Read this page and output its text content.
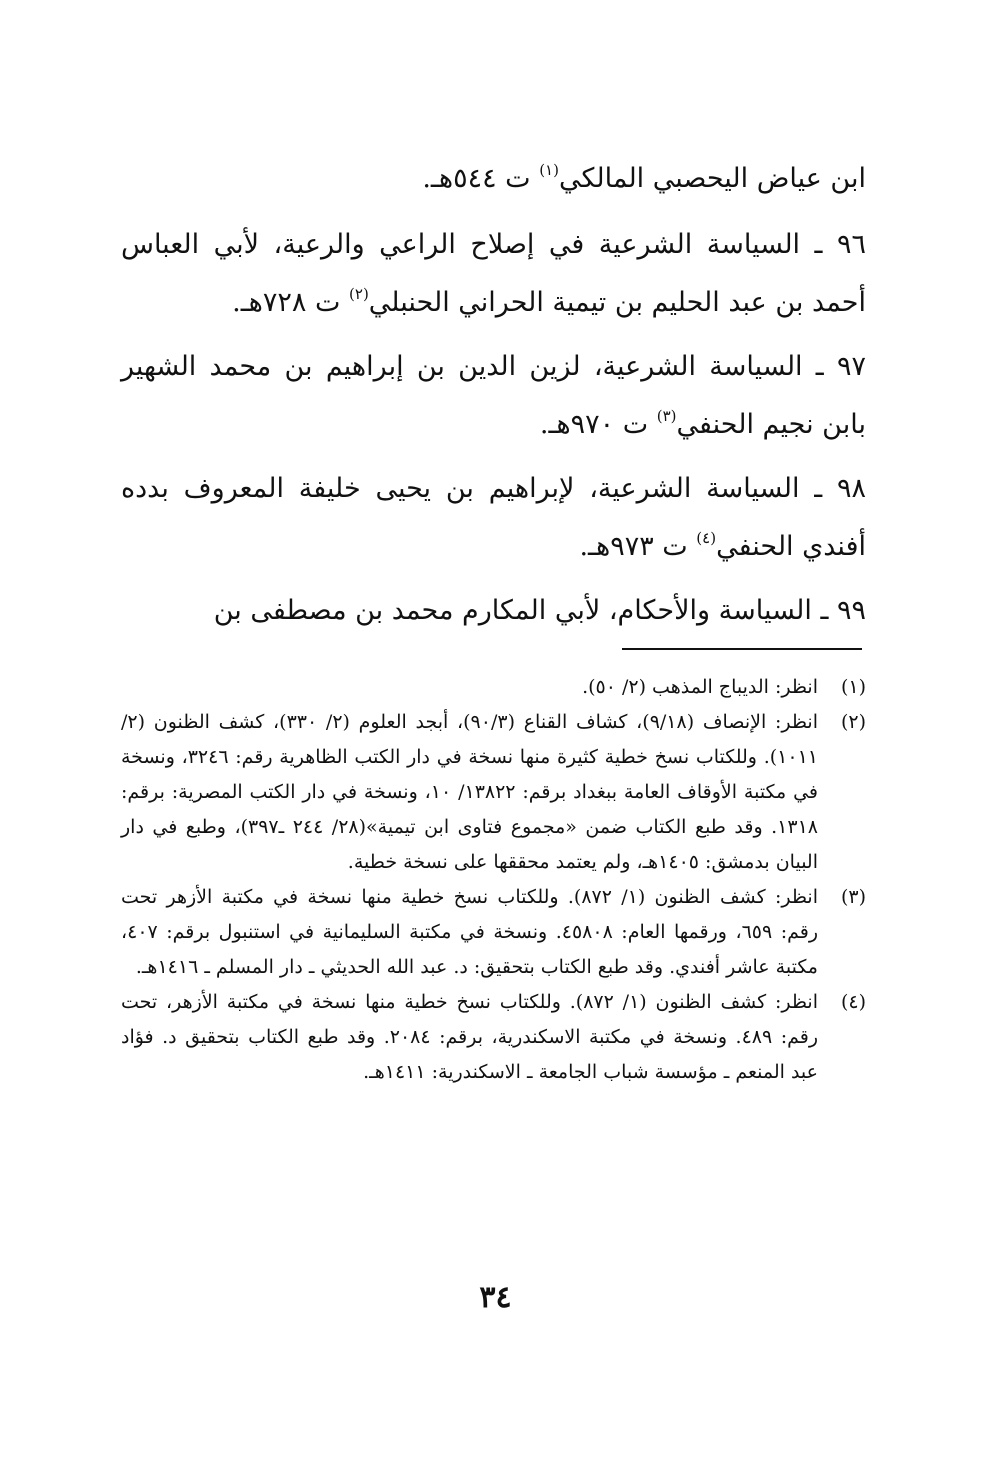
ابن عياض اليحصبي المالكي$^{(١)}$ ت ٥٤٤هـ.

٩٦ ـ السياسة الشرعية في إصلاح الراعي والرعية، لأبي العباس أحمد بن عبد الحليم بن تيمية الحراني الحنبلي$^{(٢)}$ ت ٧٢٨هـ.

٩٧ ـ السياسة الشرعية، لزين الدين بن إبراهيم بن محمد الشهير بابن نجيم الحنفي$^{(٣)}$ ت ٩٧٠هـ.

٩٨ ـ السياسة الشرعية، لإبراهيم بن يحيى خليفة المعروف بدده أفندي الحنفي$^{(٤)}$ ت ٩٧٣هـ.

٩٩ ـ السياسة والأحكام، لأبي المكارم محمد بن مصطفى بن

(١)
انظر: الديباج المذهب (٢/ ٥٠).
(٢)
انظر: الإنصاف (٩/١٨)، كشاف القناع (٩٠/٣)، أبجد العلوم (٢/ ٣٣٠)، كشف الظنون (٢/ ١٠١١). وللكتاب نسخ خطية كثيرة منها نسخة في دار الكتب الظاهرية رقم: ٣٢٤٦، ونسخة في مكتبة الأوقاف العامة ببغداد برقم: ١٣٨٢٢/ ١٠، ونسخة في دار الكتب المصرية: برقم: ١٣١٨. وقد طبع الكتاب ضمن «مجموع فتاوى ابن تيمية»(٢٨/ ٢٤٤ ـ٣٩٧)، وطبع في دار البيان بدمشق: ١٤٠٥هـ، ولم يعتمد محققها على نسخة خطية.
(٣)
انظر: كشف الظنون (١/ ٨٧٢). وللكتاب نسخ خطية منها نسخة في مكتبة الأزهر تحت رقم: ٦٥٩، ورقمها العام: ٤٥٨٠٨. ونسخة في مكتبة السليمانية في استنبول برقم: ٤٠٧، مكتبة عاشر أفندي. وقد طبع الكتاب بتحقيق: د. عبد الله الحديثي ـ دار المسلم ـ ١٤١٦هـ.
(٤)
انظر: كشف الظنون (١/ ٨٧٢). وللكتاب نسخ خطية منها نسخة في مكتبة الأزهر، تحت رقم: ٤٨٩. ونسخة في مكتبة الاسكندرية، برقم: ٢٠٨٤. وقد طبع الكتاب بتحقيق د. فؤاد عبد المنعم ـ مؤسسة شباب الجامعة ـ الاسكندرية: ١٤١١هـ.
٣٤
